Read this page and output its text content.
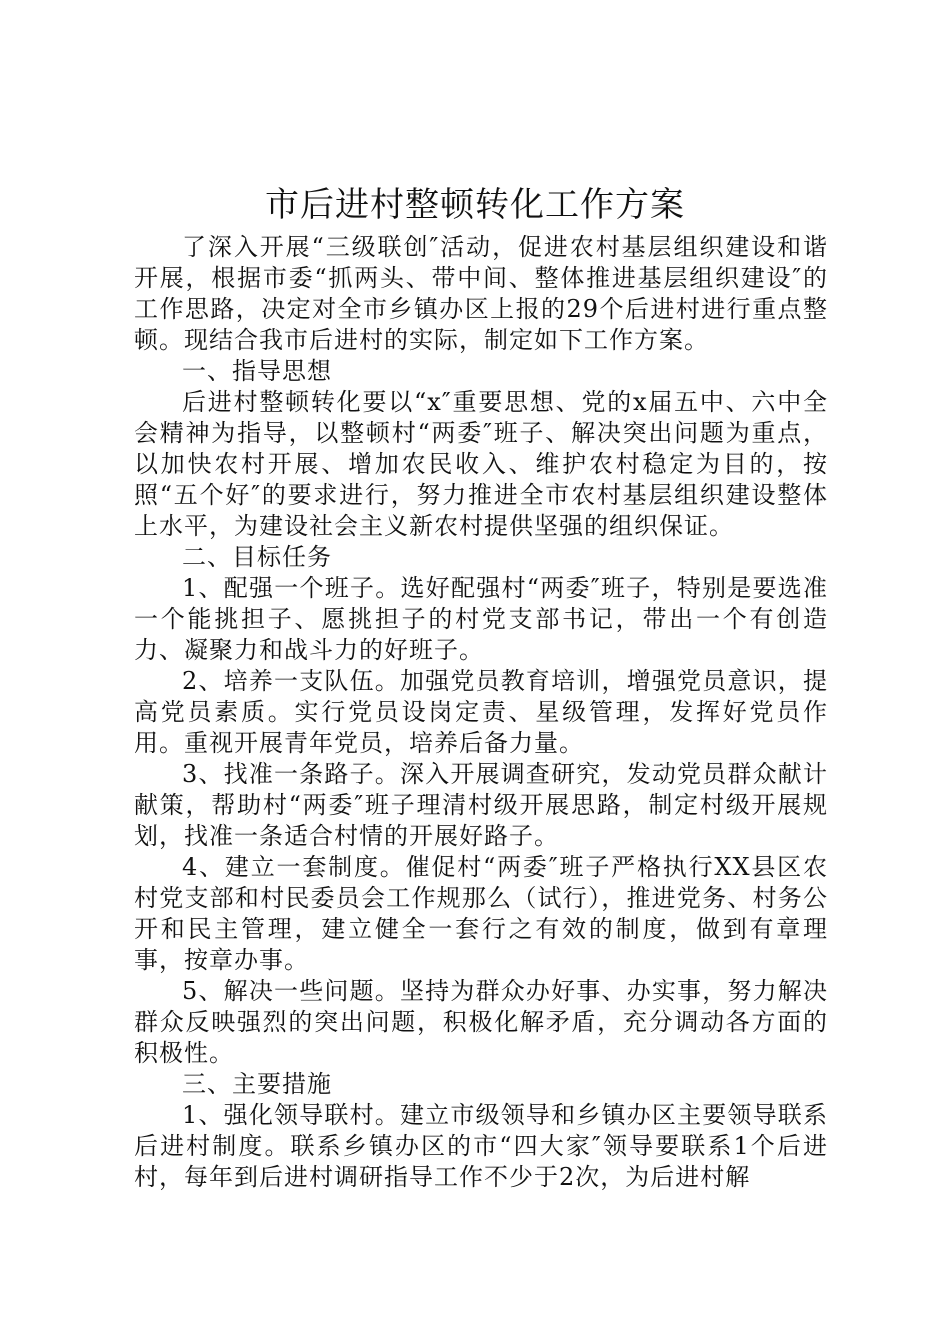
市后进村整顿转化工作方案

了深入开展“三级联创″活动，促进农村基层组织建设和谐开展，根据市委“抓两头、带中间、整体推进基层组织建设″的工作思路，决定对全市乡镇办区上报的29个后进村进行重点整顿。现结合我市后进村的实际，制定如下工作方案。

一、指导思想

后进村整顿转化要以“x″重要思想、党的x届五中、六中全会精神为指导，以整顿村“两委″班子、解决突出问题为重点，以加快农村开展、增加农民收入、维护农村稳定为目的，按照“五个好″的要求进行，努力推进全市农村基层组织建设整体上水平，为建设社会主义新农村提供坚强的组织保证。

二、目标任务

1、配强一个班子。选好配强村“两委″班子，特别是要选准一个能挑担子、愿挑担子的村党支部书记，带出一个有创造力、凝聚力和战斗力的好班子。

2、培养一支队伍。加强党员教育培训，增强党员意识，提高党员素质。实行党员设岗定责、星级管理，发挥好党员作用。重视开展青年党员，培养后备力量。

3、找准一条路子。深入开展调查研究，发动党员群众献计献策，帮助村“两委″班子理清村级开展思路，制定村级开展规划，找准一条适合村情的开展好路子。

4、建立一套制度。催促村“两委″班子严格执行XX县区农村党支部和村民委员会工作规那么（试行），推进党务、村务公开和民主管理，建立健全一套行之有效的制度，做到有章理事，按章办事。

5、解决一些问题。坚持为群众办好事、办实事，努力解决群众反映强烈的突出问题，积极化解矛盾，充分调动各方面的积极性。

三、主要措施

1、强化领导联村。建立市级领导和乡镇办区主要领导联系后进村制度。联系乡镇办区的市“四大家″领导要联系1个后进村，每年到后进村调研指导工作不少于2次，为后进村解
